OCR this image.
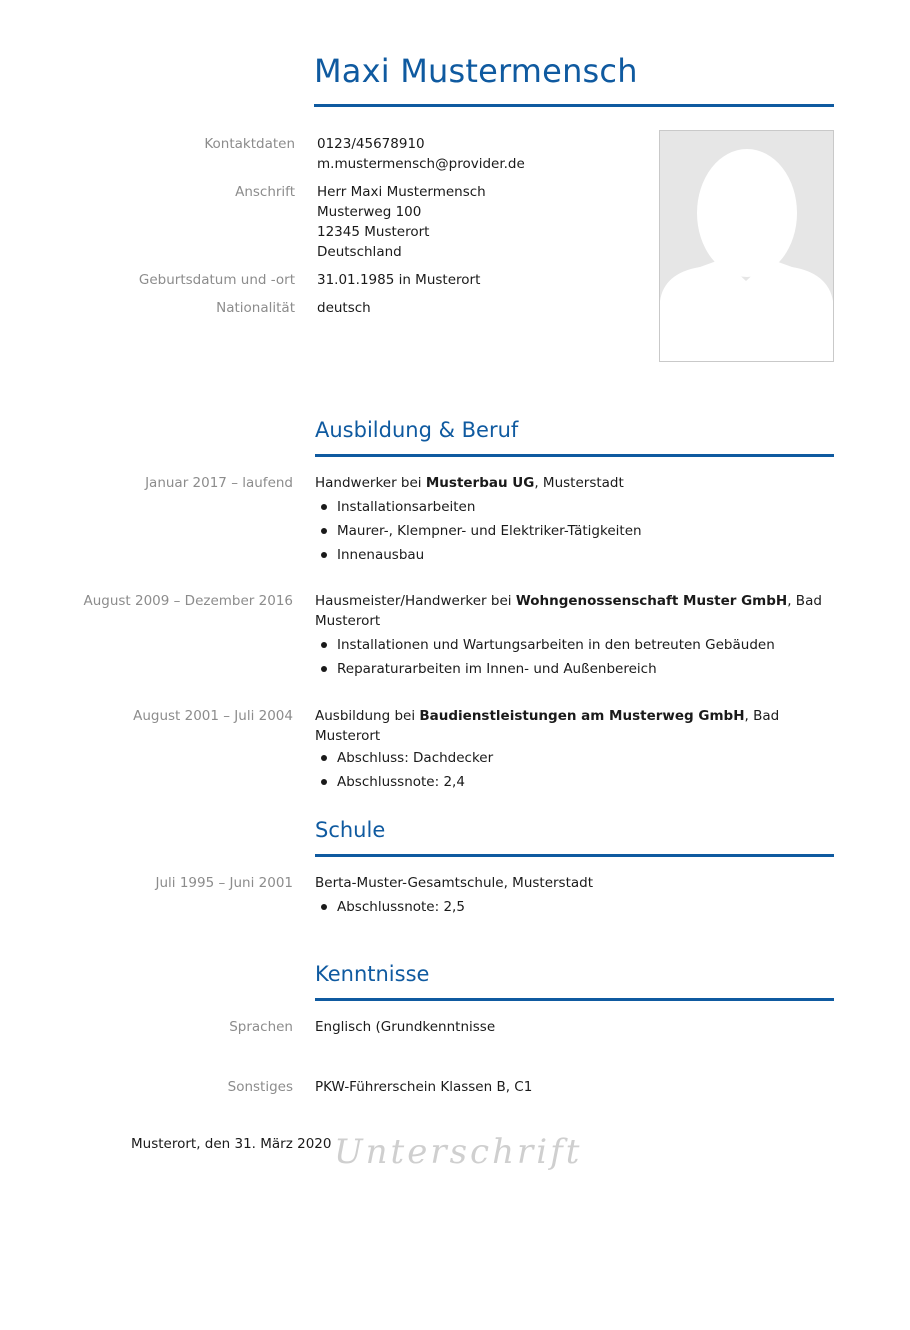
Maxi Mustermensch
Kontaktdaten 0123/45678910
m.mustermensch@provider.de
Anschrift Herr Maxi Mustermensch
Musterweg 100
12345 Musterort
Deutschland
Geburtsdatum und -ort 31.01.1985 in Musterort
Nationalität deutsch
Ausbildung & Beruf
Januar 2017 – laufend Handwerker bei Musterbau UG, Musterstadt
Installationsarbeiten
Maurer-, Klempner- und Elektriker-Tätigkeiten
Innenausbau
August 2009 – Dezember 2016 Hausmeister/Handwerker bei Wohngenossenschaft Muster GmbH, Bad
Musterort
Installationen und Wartungsarbeiten in den betreuten Gebäuden
Reparaturarbeiten im Innen- und Außenbereich
August 2001 – Juli 2004 Ausbildung bei Baudienstleistungen am Musterweg GmbH, Bad Musterort
Abschluss: Dachdecker
Abschlussnote: 2,4
Schule
Juli 1995 – Juni 2001 Berta-Muster-Gesamtschule, Musterstadt
Abschlussnote: 2,5
Kenntnisse
Sprachen Englisch (Grundkenntnisse
Sonstiges PKW-Führerschein Klassen B, C1
Musterort, den 31. März 2020 Unterschrift
